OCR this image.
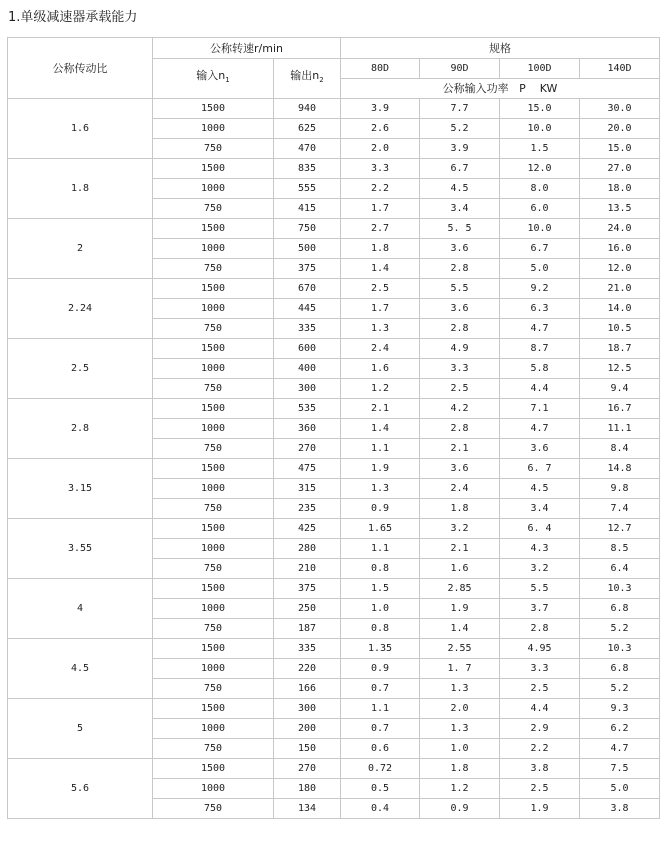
1.单级减速器承载能力
公称传动比	公称转速r/min		规格			
	输入$n_1$	输出$n_2$	80D	90D	100D	140D
			公称输入功率   P    KW			
1.6	1500	940	3.9	7.7	15.0	30.0
	1000	625	2.6	5.2	10.0	20.0
	750	470	2.0	3.9	1.5	15.0
1.8	1500	835	3.3	6.7	12.0	27.0
	1000	555	2.2	4.5	8.0	18.0
	750	415	1.7	3.4	6.0	13.5
2	1500	750	2.7	5. 5	10.0	24.0
	1000	500	1.8	3.6	6.7	16.0
	750	375	1.4	2.8	5.0	12.0
2.24	1500	670	2.5	5.5	9.2	21.0
	1000	445	1.7	3.6	6.3	14.0
	750	335	1.3	2.8	4.7	10.5
2.5	1500	600	2.4	4.9	8.7	18.7
	1000	400	1.6	3.3	5.8	12.5
	750	300	1.2	2.5	4.4	9.4
2.8	1500	535	2.1	4.2	7.1	16.7
	1000	360	1.4	2.8	4.7	11.1
	750	270	1.1	2.1	3.6	8.4
3.15	1500	475	1.9	3.6	6. 7	14.8
	1000	315	1.3	2.4	4.5	9.8
	750	235	0.9	1.8	3.4	7.4
3.55	1500	425	1.65	3.2	6. 4	12.7
	1000	280	1.1	2.1	4.3	8.5
	750	210	0.8	1.6	3.2	6.4
4	1500	375	1.5	2.85	5.5	10.3
	1000	250	1.0	1.9	3.7	6.8
	750	187	0.8	1.4	2.8	5.2
4.5	1500	335	1.35	2.55	4.95	10.3
	1000	220	0.9	1. 7	3.3	6.8
	750	166	0.7	1.3	2.5	5.2
5	1500	300	1.1	2.0	4.4	9.3
	1000	200	0.7	1.3	2.9	6.2
	750	150	0.6	1.0	2.2	4.7
5.6	1500	270	0.72	1.8	3.8	7.5
	1000	180	0.5	1.2	2.5	5.0
	750	134	0.4	0.9	1.9	3.8
